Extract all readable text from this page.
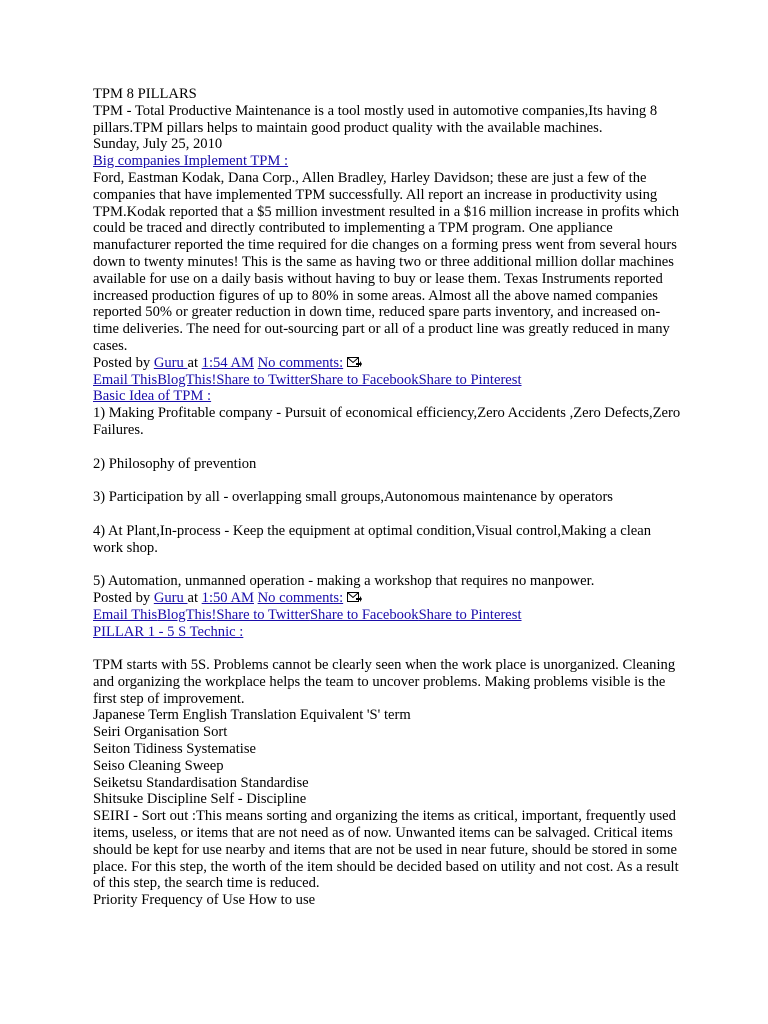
TPM 8 PILLARS

TPM - Total Productive Maintenance is a tool mostly used in automotive companies,Its having 8 pillars.TPM pillars helps to maintain good product quality with the available machines.

Sunday, July 25, 2010

Big companies Implement TPM :

Ford, Eastman Kodak, Dana Corp., Allen Bradley, Harley Davidson; these are just a few of the companies that have implemented TPM successfully. All report an increase in productivity using TPM.Kodak reported that a $5 million investment resulted in a $16 million increase in profits which could be traced and directly contributed to implementing a TPM program. One appliance manufacturer reported the time required for die changes on a forming press went from several hours down to twenty minutes! This is the same as having two or three additional million dollar machines available for use on a daily basis without having to buy or lease them. Texas Instruments reported increased production figures of up to 80% in some areas. Almost all the above named companies reported 50% or greater reduction in down time, reduced spare parts inventory, and increased on-time deliveries. The need for out-sourcing part or all of a product line was greatly reduced in many cases.

Posted by Guru at 1:54 AM No comments:

Email ThisBlogThis!Share to TwitterShare to FacebookShare to Pinterest

Basic Idea of TPM :

1) Making Profitable company - Pursuit of economical efficiency,Zero Accidents ,Zero Defects,Zero Failures.

2) Philosophy of prevention

3) Participation by all - overlapping small groups,Autonomous maintenance by operators

4) At Plant,In-process - Keep the equipment at optimal condition,Visual control,Making a clean work shop.

5) Automation, unmanned operation - making a workshop that requires no manpower.

Posted by Guru at 1:50 AM No comments:

Email ThisBlogThis!Share to TwitterShare to FacebookShare to Pinterest

PILLAR 1 - 5 S Technic :

TPM starts with 5S. Problems cannot be clearly seen when the work place is unorganized. Cleaning and organizing the workplace helps the team to uncover problems. Making problems visible is the first step of improvement.

Japanese Term English Translation Equivalent 'S' term

Seiri Organisation Sort

Seiton Tidiness Systematise

Seiso Cleaning Sweep

Seiketsu Standardisation Standardise

Shitsuke Discipline Self - Discipline

SEIRI - Sort out :This means sorting and organizing the items as critical, important, frequently used items, useless, or items that are not need as of now. Unwanted items can be salvaged. Critical items should be kept for use nearby and items that are not be used in near future, should be stored in some place. For this step, the worth of the item should be decided based on utility and not cost. As a result of this step, the search time is reduced.

Priority Frequency of Use How to use
